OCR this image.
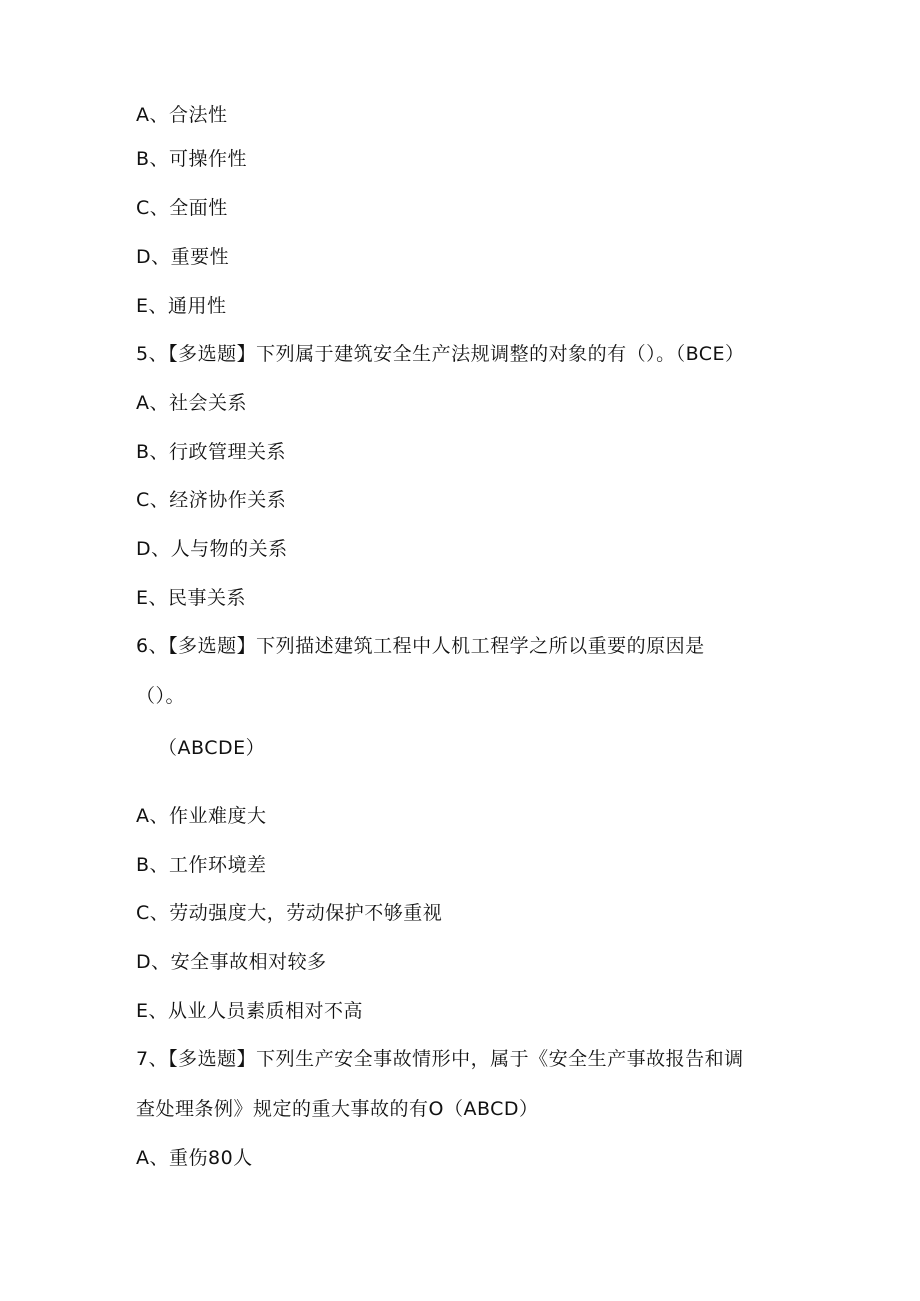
A、合法性
B、可操作性
C、全面性
D、重要性
E、通用性
5、【多选题】下列属于建筑安全生产法规调整的对象的有（）。（BCE）
A、社会关系
B、行政管理关系
C、经济协作关系
D、人与物的关系
E、民事关系
6、【多选题】下列描述建筑工程中人机工程学之所以重要的原因是
（）。
（ABCDE）
A、作业难度大
B、工作环境差
C、劳动强度大，劳动保护不够重视
D、安全事故相对较多
E、从业人员素质相对不高
7、【多选题】下列生产安全事故情形中，属于《安全生产事故报告和调
查处理条例》规定的重大事故的有O（ABCD）
A、重伤80人
